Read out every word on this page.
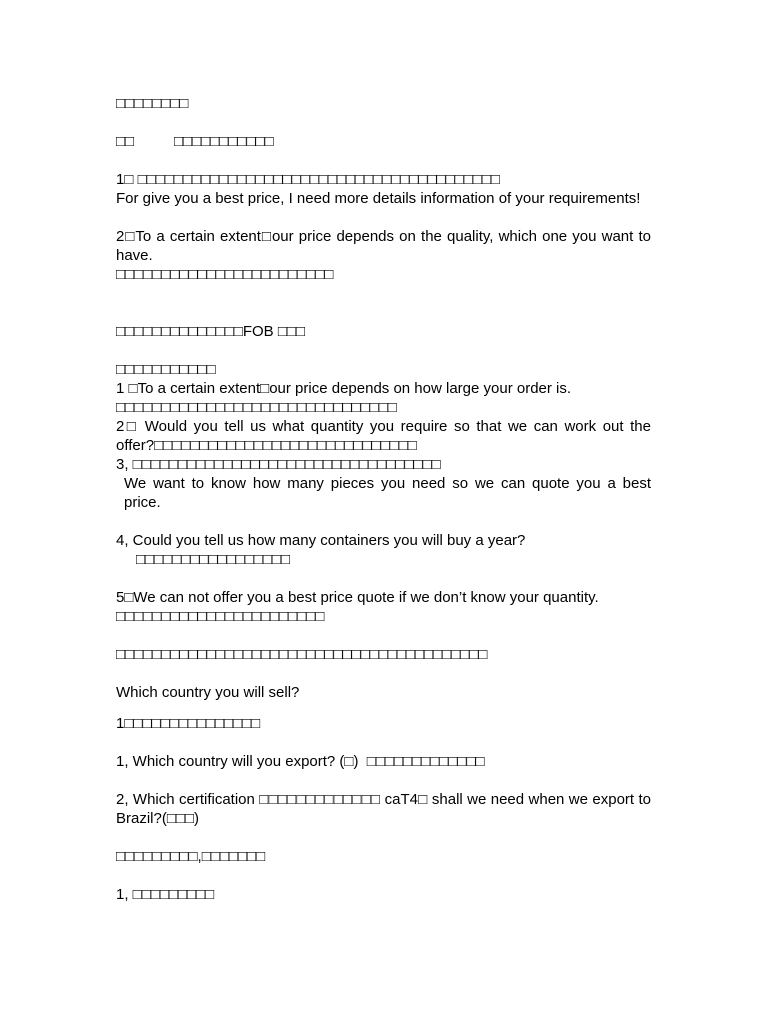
□□□□□□□□

□□	□□□□□□□□□□□

1□ □□□□□□□□□□□□□□□□□□□□□□□□□□□□□□□□□□□□□□□□

For give you a best price, I need more details information of your requirements!

2□To a certain extent□our price depends on the quality, which one you want to have.

□□□□□□□□□□□□□□□□□□□□□□□□

□□□□□□□□□□□□□□FOB □□□

□□□□□□□□□□□

1 □To a certain extent□our price depends on how large your order is.

□□□□□□□□□□□□□□□□□□□□□□□□□□□□□□□

2□ Would you tell us what quantity you require so that we can work out the offer?□□□□□□□□□□□□□□□□□□□□□□□□□□□□□

3, □□□□□□□□□□□□□□□□□□□□□□□□□□□□□□□□□□

We want to know how many pieces you need so we can quote you a best price.

4, Could you tell us how many containers you will buy a year?

□□□□□□□□□□□□□□□□□

5□We can not offer you a best price quote if we don’t know your quantity.

□□□□□□□□□□□□□□□□□□□□□□□

□□□□□□□□□□□□□□□□□□□□□□□□□□□□□□□□□□□□□□□□□

Which country you will sell?

1□□□□□□□□□□□□□□□

1, Which country will you export? (□)  □□□□□□□□□□□□□

2, Which certification □□□□□□□□□□□□□ caT4□ shall we need when we export to Brazil?(□□□)

□□□□□□□□□,□□□□□□□

1, □□□□□□□□□
